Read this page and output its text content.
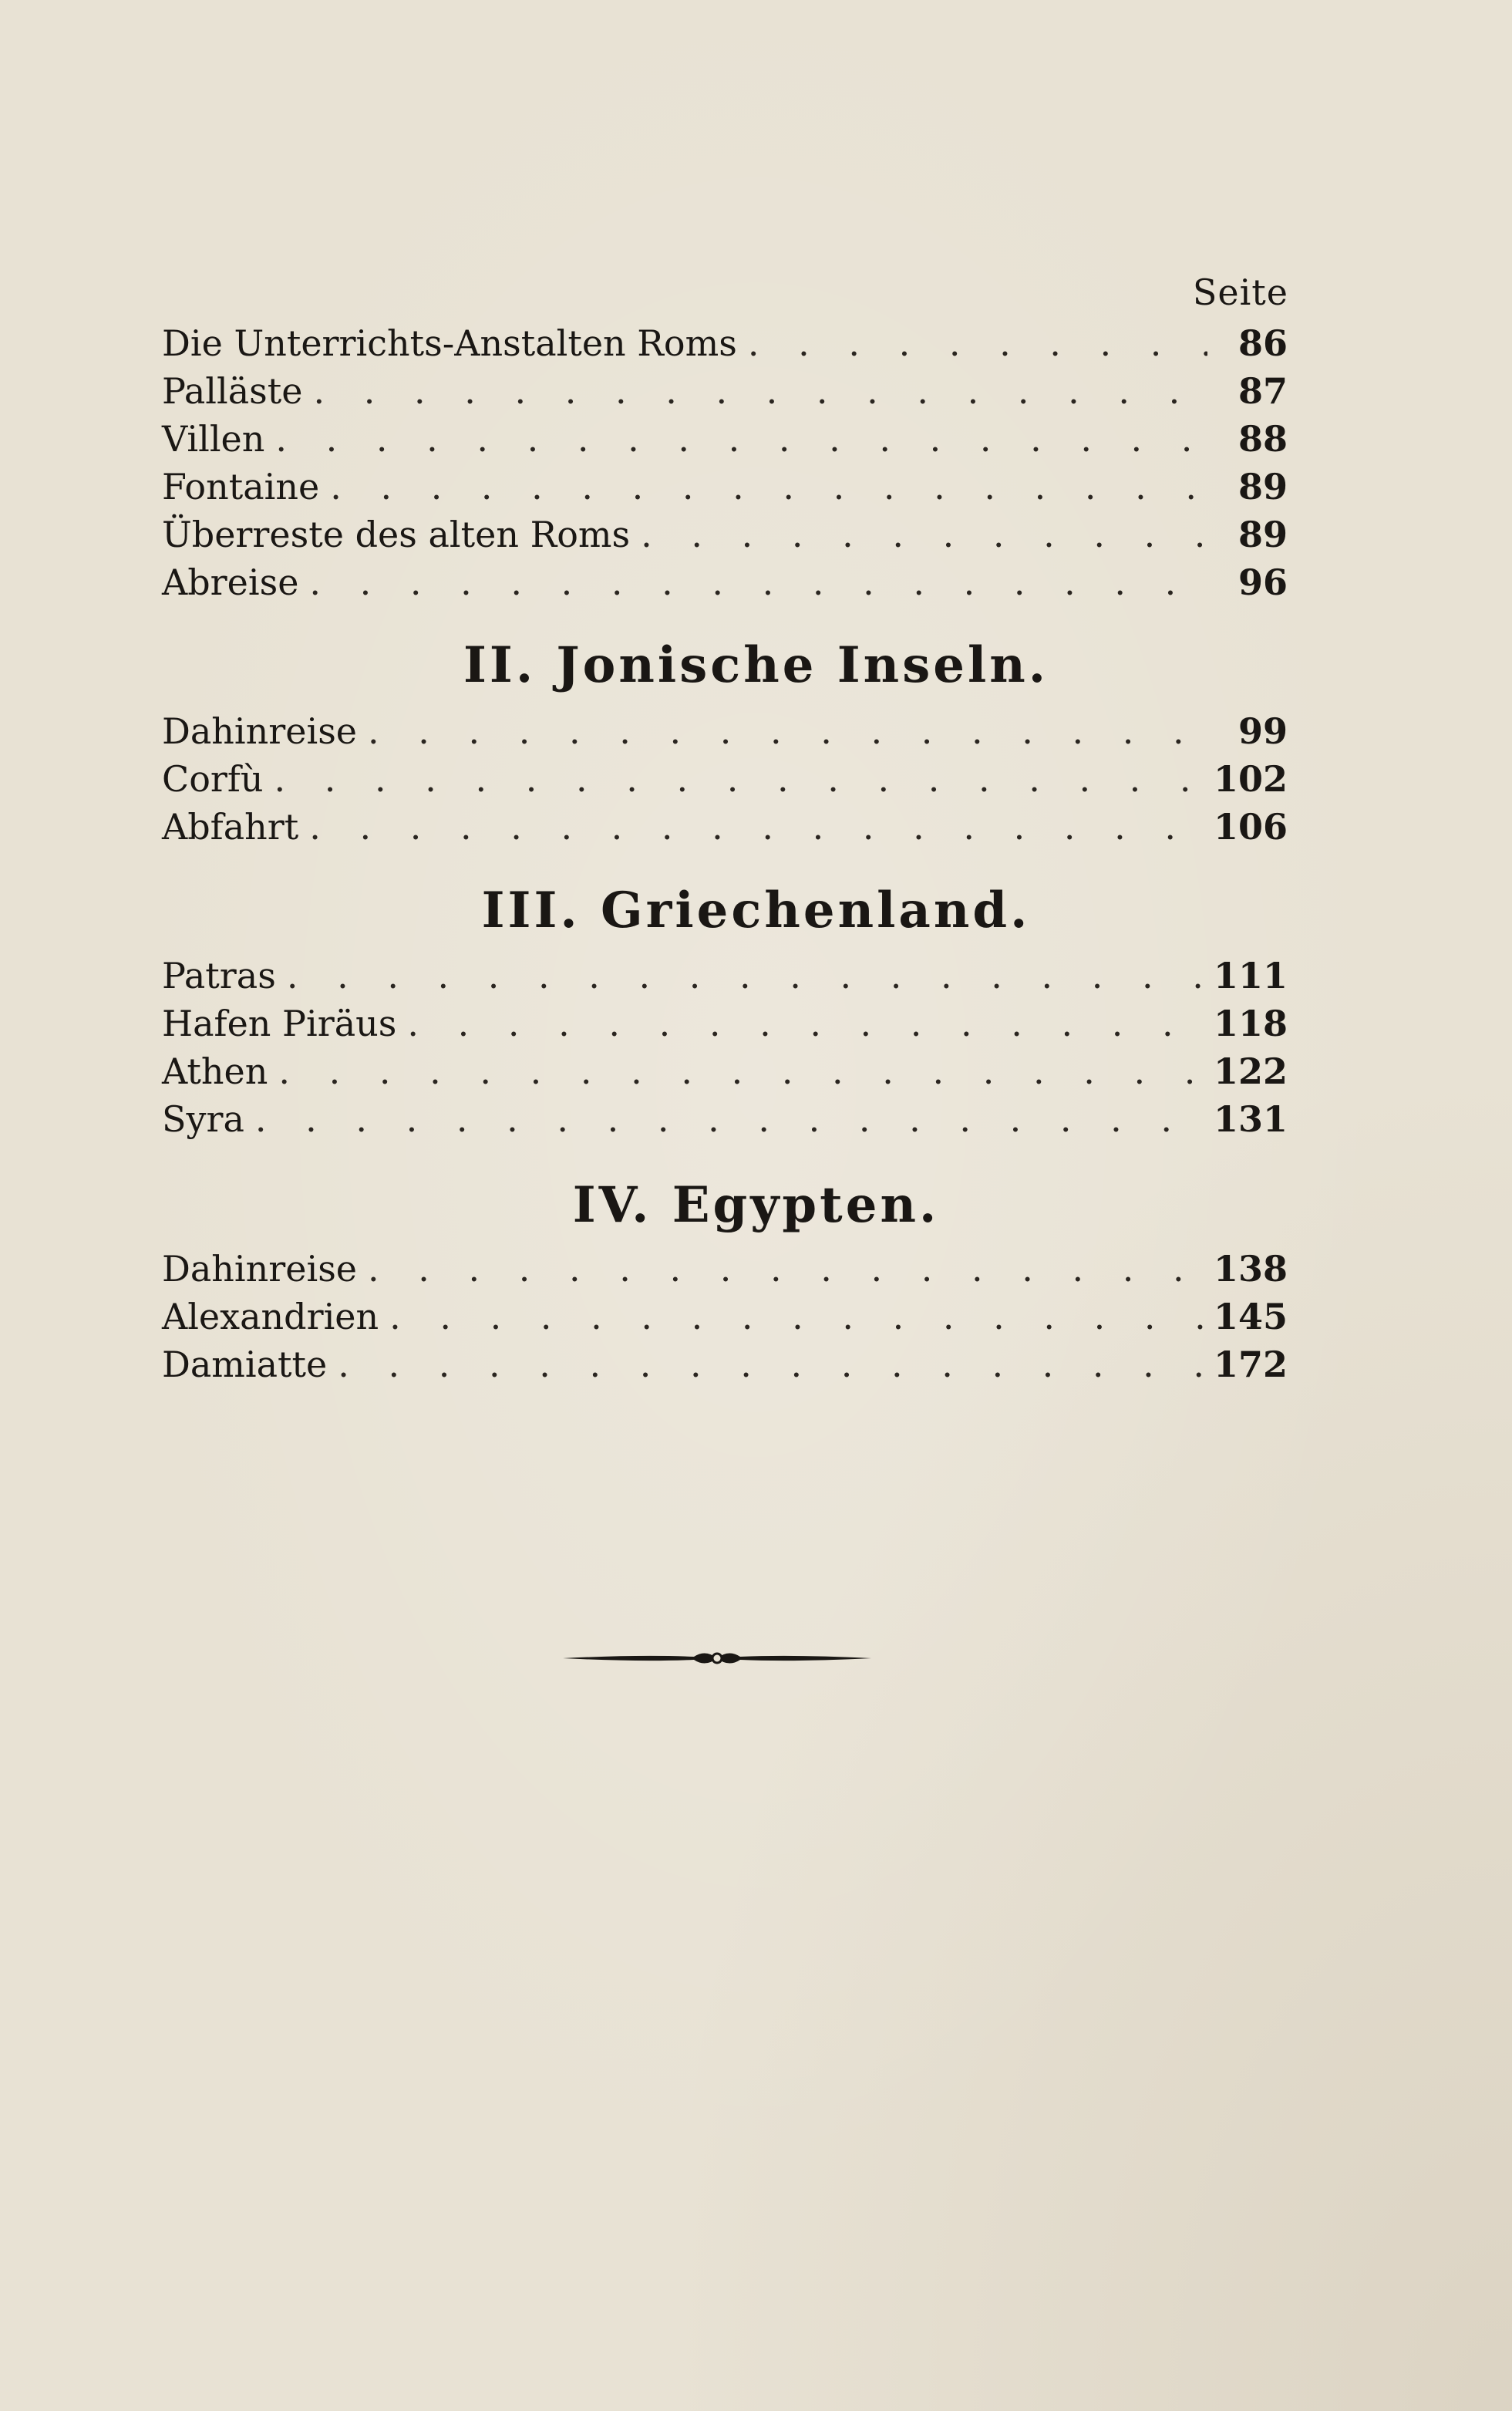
Seite
Die Unterrichts-Anstalten Roms . . .	86
Palläste . . .	87
Villen . . .	88
Fontaine . . .	89
Überreste des alten Roms . . .	89
Abreise . . .	96
II. Jonische Inseln.
Dahinreise . . .	99
Corfù . . .	102
Abfahrt . . .	106
III. Griechenland.
Patras . . .	111
Hafen Piräus . . .	118
Athen . . .	122
Syra . . .	131
IV. Egypten.
Dahinreise . . .	138
Alexandrien . . .	145
Damiatte . . .	172
